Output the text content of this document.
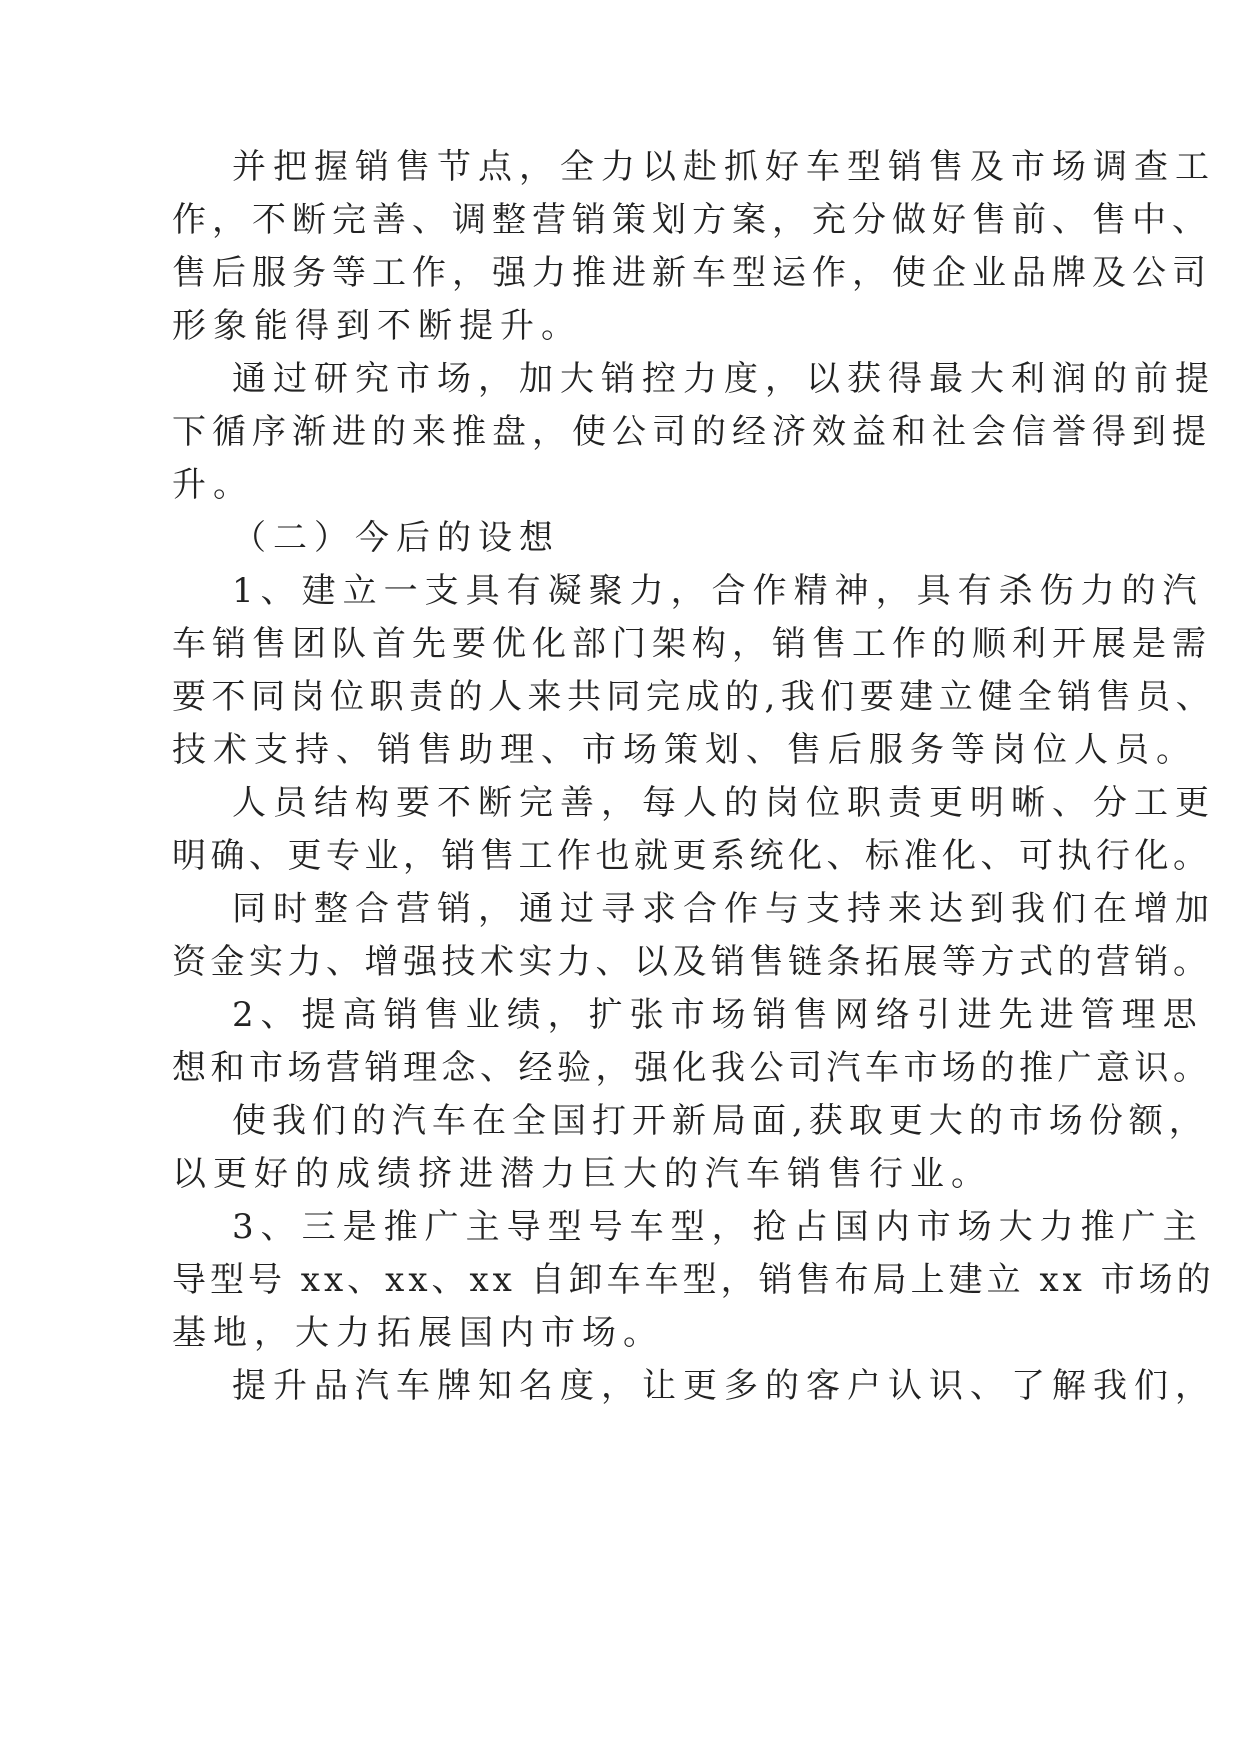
并把握销售节点，全力以赴抓好车型销售及市场调查工

作，不断完善、调整营销策划方案，充分做好售前、售中、

售后服务等工作，强力推进新车型运作，使企业品牌及公司

形象能得到不断提升。

通过研究市场，加大销控力度，以获得最大利润的前提

下循序渐进的来推盘，使公司的经济效益和社会信誉得到提

升。

（二）今后的设想

1、建立一支具有凝聚力，合作精神，具有杀伤力的汽

车销售团队首先要优化部门架构，销售工作的顺利开展是需

要不同岗位职责的人来共同完成的,我们要建立健全销售员、

技术支持、销售助理、市场策划、售后服务等岗位人员。

人员结构要不断完善，每人的岗位职责更明晰、分工更

明确、更专业，销售工作也就更系统化、标准化、可执行化。

同时整合营销，通过寻求合作与支持来达到我们在增加

资金实力、增强技术实力、以及销售链条拓展等方式的营销。

2、提高销售业绩，扩张市场销售网络引进先进管理思

想和市场营销理念、经验，强化我公司汽车市场的推广意识。

使我们的汽车在全国打开新局面,获取更大的市场份额，

以更好的成绩挤进潜力巨大的汽车销售行业。

3、三是推广主导型号车型，抢占国内市场大力推广主

导型号 xx、xx、xx 自卸车车型，销售布局上建立 xx 市场的

基地，大力拓展国内市场。

提升品汽车牌知名度，让更多的客户认识、了解我们，
